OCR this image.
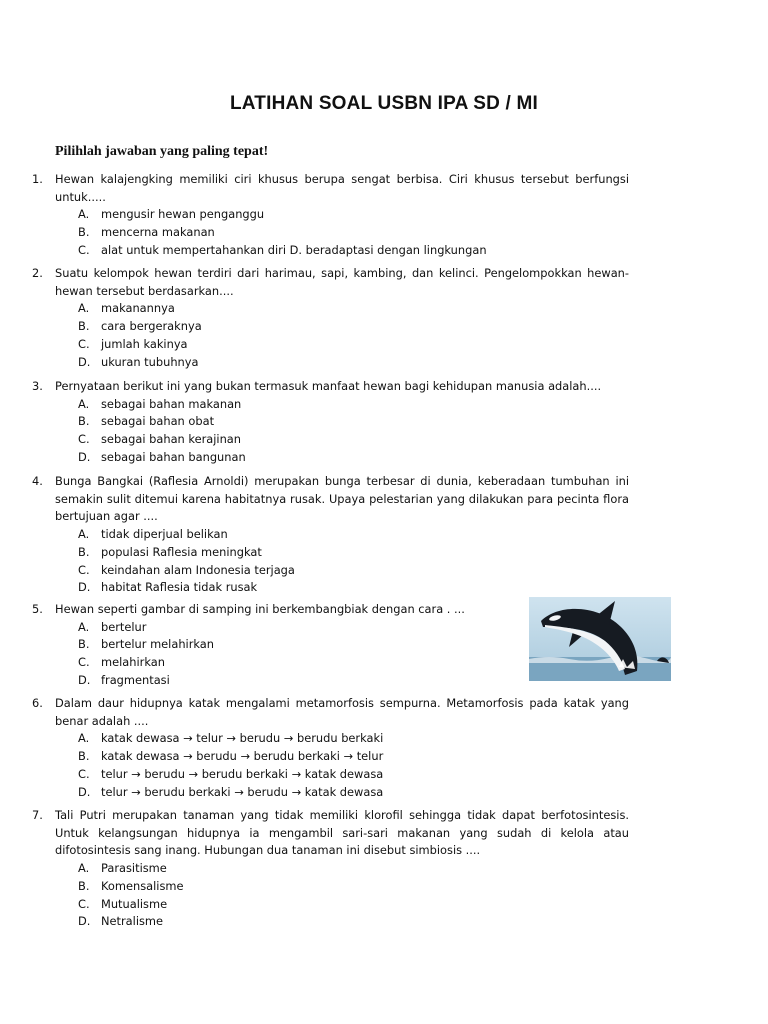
LATIHAN SOAL USBN IPA SD / MI

Pilihlah jawaban yang paling tepat!

1.	Hewan kalajengking memiliki ciri khusus berupa sengat berbisa. Ciri khusus tersebut berfungsi untuk.....
A. mengusir hewan penganggu
B. mencerna makanan
C. alat untuk mempertahankan diri D. beradaptasi dengan lingkungan
2.	Suatu kelompok hewan terdiri dari harimau, sapi, kambing, dan kelinci. Pengelompokkan hewan-hewan tersebut berdasarkan....
A. makanannya
B. cara bergeraknya
C. jumlah kakinya
D. ukuran tubuhnya
3.	Pernyataan berikut ini yang bukan termasuk manfaat hewan bagi kehidupan manusia adalah....
A. sebagai bahan makanan
B. sebagai bahan obat
C. sebagai bahan kerajinan
D. sebagai bahan bangunan
4.	Bunga Bangkai (Raflesia Arnoldi) merupakan bunga terbesar di dunia, keberadaan tumbuhan ini semakin sulit ditemui karena habitatnya rusak. Upaya pelestarian yang dilakukan para pecinta flora bertujuan agar ....
A. tidak diperjual belikan
B. populasi Raflesia meningkat
C. keindahan alam Indonesia terjaga
D. habitat Raflesia tidak rusak
5.	Hewan seperti gambar di samping ini berkembangbiak dengan cara . ...
A. bertelur
B. bertelur melahirkan
C. melahirkan
D. fragmentasi
6.	Dalam daur hidupnya katak mengalami metamorfosis sempurna. Metamorfosis pada katak yang benar adalah ....
A. katak dewasa → telur → berudu → berudu berkaki
B. katak dewasa → berudu → berudu berkaki → telur
C. telur → berudu → berudu berkaki → katak dewasa
D. telur → berudu berkaki → berudu → katak dewasa
7.	Tali Putri merupakan tanaman yang tidak memiliki klorofil sehingga tidak dapat berfotosintesis. Untuk kelangsungan hidupnya ia mengambil sari-sari makanan yang sudah di kelola atau difotosintesis sang inang. Hubungan dua tanaman ini disebut simbiosis ....
A. Parasitisme
B. Komensalisme
C. Mutualisme
D. Netralisme
